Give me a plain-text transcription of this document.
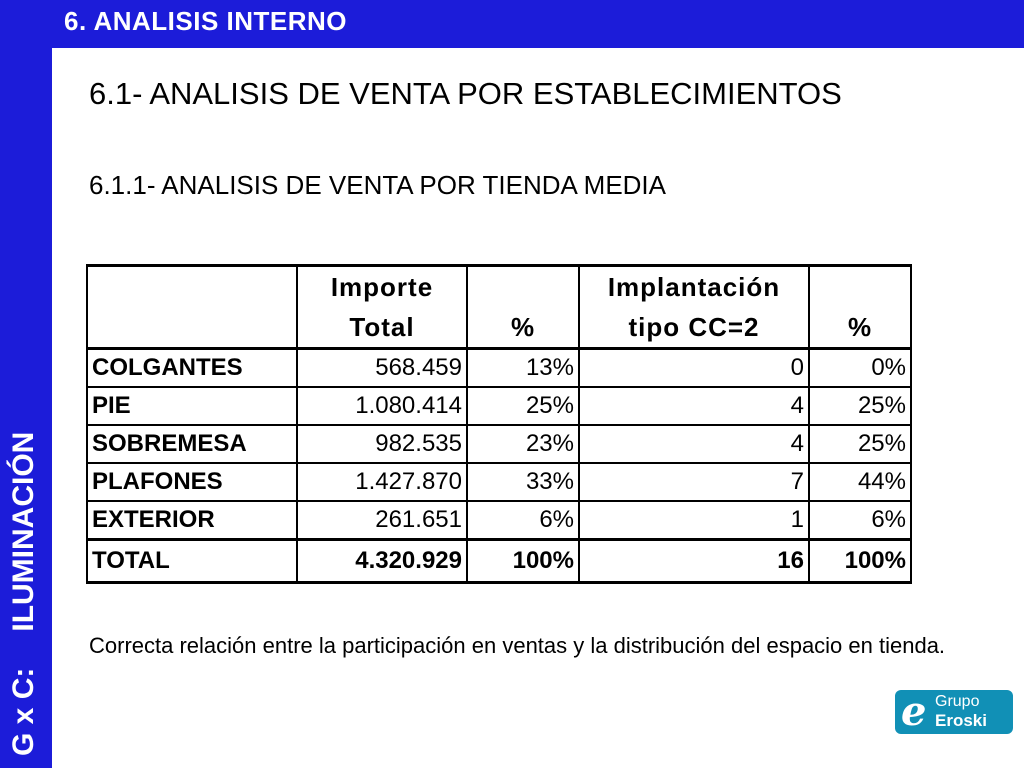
6. ANALISIS INTERNO
G x C:ILUMINACIÓN
6.1- ANALISIS DE VENTA POR ESTABLECIMIENTOS
6.1.1- ANALISIS DE VENTA POR TIENDA MEDIA
	Importe		Implantación	
	Total	%	tipo CC=2	%
COLGANTES	568.459	13%	0	0%
PIE	1.080.414	25%	4	25%
SOBREMESA	982.535	23%	4	25%
PLAFONES	1.427.870	33%	7	44%
EXTERIOR	261.651	6%	1	6%
TOTAL	4.320.929	100%	16	100%
Correcta relación entre la participación en ventas y la distribución del espacio en tienda.
e Grupo
Eroski
